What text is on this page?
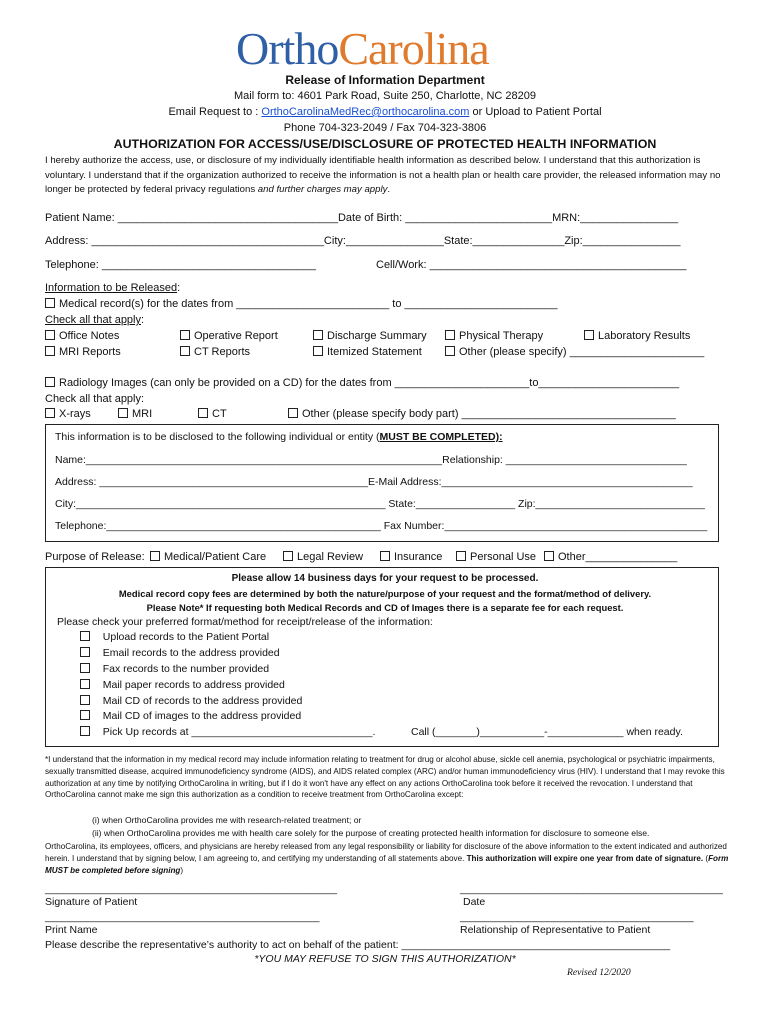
OrthoCarolina
Release of Information Department
Mail form to: 4601 Park Road, Suite 250, Charlotte, NC 28209
Email Request to : OrthoCarolinaMedRec@orthocarolina.com or Upload to Patient Portal
Phone 704-323-2049 / Fax 704-323-3806
AUTHORIZATION FOR ACCESS/USE/DISCLOSURE OF PROTECTED HEALTH INFORMATION
I hereby authorize the access, use, or disclosure of my individually identifiable health information as described below. I understand that this authorization is voluntary. I understand that if the organization authorized to receive the information is not a health plan or health care provider, the released information may no longer be protected by federal privacy regulations and further charges may apply.
Patient Name: ____________________________________Date of Birth: ________________________MRN:________________
Address: ______________________________________City:________________State:_______________Zip:________________
Telephone: ___________________________________	Cell/Work: __________________________________________
Information to be Released:
Medical record(s) for the dates from _________________________ to _________________________
Check all that apply:
Office Notes	Operative Report	Discharge Summary	Physical Therapy	Laboratory Results
MRI Reports	CT Reports	Itemized Statement	Other (please specify) ______________________
Radiology Images (can only be provided on a CD) for the dates from ______________________to_______________________
Check all that apply:
X-rays	MRI	CT	Other (please specify body part) ___________________________________
This information is to be disclosed to the following individual or entity (MUST BE COMPLETED):
Name:_____________________________________________________________Relationship: _______________________________
Address: ______________________________________________E-Mail Address:___________________________________________
City:_____________________________________________________ State:_________________ Zip:_____________________________
Telephone:_______________________________________________ Fax Number:_____________________________________________
Purpose of Release:	Medical/Patient Care	Legal Review	Insurance	Personal Use	Other_______________
Please allow 14 business days for your request to be processed.
Medical record copy fees are determined by both the nature/purpose of your request and the format/method of delivery.
Please Note* If requesting both Medical Records and CD of Images there is a separate fee for each request.
Please check your preferred format/method for receipt/release of the information:
Upload records to the Patient Portal
Email records to the address provided
Fax records to the number provided
Mail paper records to address provided
Mail CD of records to the address provided
Mail CD of images to the address provided
Pick Up records at _______________________________.	Call (_______)___________-_____________ when ready.
*I understand that the information in my medical record may include information relating to treatment for drug or alcohol abuse, sickle cell anemia, psychological or psychiatric impairments, sexually transmitted disease, acquired immunodeficiency syndrome (AIDS), and AIDS related complex (ARC) and/or human immunodeficiency virus (HIV). I understand that I may revoke this authorization at any time by notifying OrthoCarolina in writing, but if I do it won't have any effect on any actions OrthoCarolina took before it received the revocation. I understand that OrthoCarolina cannot make me sign this authorization as a condition to receive treatment from OrthoCarolina except:
(i) when OrthoCarolina provides me with research-related treatment; or
(ii) when OrthoCarolina provides me with health care solely for the purpose of creating protected health information for disclosure to someone else.
OrthoCarolina, its employees, officers, and physicians are hereby released from any legal responsibility or liability for disclosure of the above information to the extent indicated and authorized herein. I understand that by signing below, I am agreeing to, and certifying my understanding of all statements above. This authorization will expire one year from date of signature. (Form MUST be completed before signing)
__________________________________________________	_____________________________________________
Signature of Patient	Date
_______________________________________________	________________________________________
Print Name	Relationship of Representative to Patient
Please describe the representative’s authority to act on behalf of the patient: ______________________________________________
*YOU MAY REFUSE TO SIGN THIS AUTHORIZATION*
Revised 12/2020
